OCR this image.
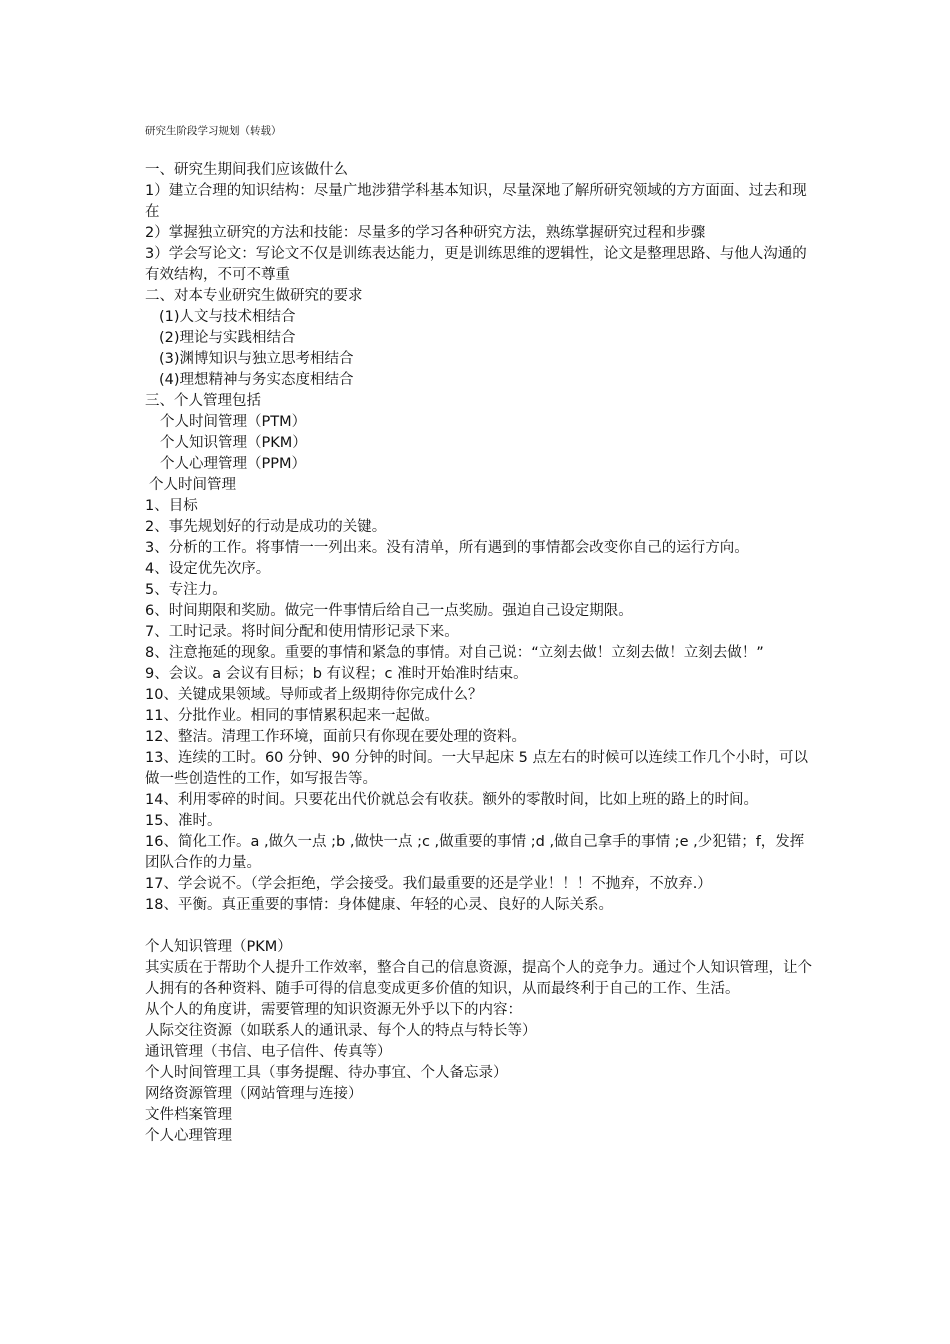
研究生阶段学习规划（转载）
一、研究生期间我们应该做什么
1）建立合理的知识结构：尽量广地涉猎学科基本知识，尽量深地了解所研究领域的方方面面、过去和现在
2）掌握独立研究的方法和技能：尽量多的学习各种研究方法，熟练掌握研究过程和步骤
3）学会写论文：写论文不仅是训练表达能力，更是训练思维的逻辑性，论文是整理思路、与他人沟通的有效结构，不可不尊重
二、对本专业研究生做研究的要求
(1)人文与技术相结合
(2)理论与实践相结合
(3)渊博知识与独立思考相结合
(4)理想精神与务实态度相结合
三、个人管理包括
个人时间管理（PTM）
个人知识管理（PKM）
个人心理管理（PPM）
个人时间管理
1、目标
2、事先规划好的行动是成功的关键。
3、分析的工作。将事情一一列出来。没有清单，所有遇到的事情都会改变你自己的运行方向。
4、设定优先次序。
5、专注力。
6、时间期限和奖励。做完一件事情后给自己一点奖励。强迫自己设定期限。
7、工时记录。将时间分配和使用情形记录下来。
8、注意拖延的现象。重要的事情和紧急的事情。对自己说：“立刻去做！立刻去做！立刻去做！”
9、会议。a 会议有目标；b 有议程；c 准时开始准时结束。
10、关键成果领域。导师或者上级期待你完成什么？
11、分批作业。相同的事情累积起来一起做。
12、整洁。清理工作环境，面前只有你现在要处理的资料。
13、连续的工时。60 分钟、90 分钟的时间。一大早起床 5 点左右的时候可以连续工作几个小时，可以做一些创造性的工作，如写报告等。
14、利用零碎的时间。只要花出代价就总会有收获。额外的零散时间，比如上班的路上的时间。
15、准时。
16、简化工作。a ,做久一点 ;b ,做快一点 ;c ,做重要的事情 ;d ,做自己拿手的事情 ;e ,少犯错；f，发挥团队合作的力量。
17、学会说不。（学会拒绝，学会接受。我们最重要的还是学业！！！不抛弃，不放弃.）
18、平衡。真正重要的事情：身体健康、年轻的心灵、良好的人际关系。
个人知识管理（PKM）
其实质在于帮助个人提升工作效率，整合自己的信息资源，提高个人的竞争力。通过个人知识管理，让个人拥有的各种资料、随手可得的信息变成更多价值的知识，从而最终利于自己的工作、生活。
从个人的角度讲，需要管理的知识资源无外乎以下的内容：
人际交往资源（如联系人的通讯录、每个人的特点与特长等）
通讯管理（书信、电子信件、传真等）
个人时间管理工具（事务提醒、待办事宜、个人备忘录）
网络资源管理（网站管理与连接）
文件档案管理
个人心理管理
